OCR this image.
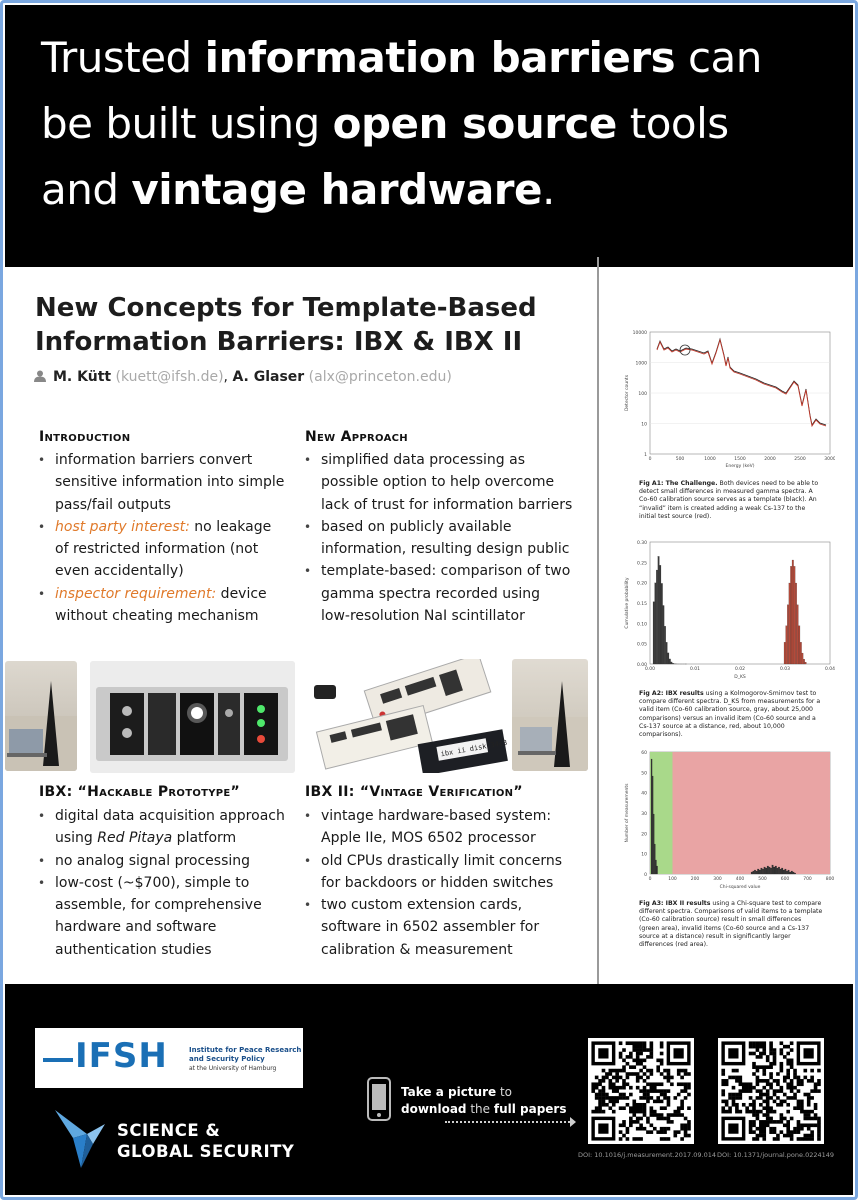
Trusted information barriers can
be built using open source tools
and vintage hardware.
New Concepts for Template-Based
Information Barriers: IBX & IBX II
M. Kütt (kuett@ifsh.de), A. Glaser (alx@princeton.edu)
Introduction
• information barriers convert sensitive information into simple pass/fail outputs
• host party interest: no leakage of restricted information (not even accidentally)
• inspector requirement: device without cheating mechanism
New Approach
• simplified data processing as possible option to help overcome lack of trust for information barriers
• based on publicly available information, resulting design public
• template-based: comparison of two gamma spectra recorded using low-resolution NaI scintillator
ibx ii disk 34c3
IBX: “Hackable Prototype”
• digital data acquisition approach using Red Pitaya platform
• no analog signal processing
• low-cost (~$700), simple to assemble, for comprehensive hardware and software authentication studies
IBX II: “Vintage Verification”
• vintage hardware-based system: Apple IIe, MOS 6502 processor
• old CPUs drastically limit concerns for backdoors or hidden switches
• two custom extension cards, software in 6502 assembler for calibration & measurement
10000
1000
100
10
1
0	500	1000	1500	2000	2500	3000
Energy (keV)
Detector counts
Fig A1: The Challenge. Both devices need to be able to detect small differences in measured gamma spectra. A Co-60 calibration source serves as a template (black). An “invalid” item is created adding a weak Cs-137 to the initial test source (red).
0.30
0.25
0.20
0.15
0.10
0.05
0.00
0.00	0.01	0.02	0.03	0.04
D_KS
Cumulative probability
Fig A2: IBX results using a Kolmogorov-Smirnov test to compare different spectra. D_KS from measurements for a valid item (Co-60 calibration source, gray, about 25,000 comparisons) versus an invalid item (Co-60 source and a Cs-137 source at a distance, red, about 10,000 comparisons).
60
50
40
30
20
10
0
0	100	200	300	400	500	600	700	800
Chi-squared value
Number of measurements
Fig A3: IBX II results using a Chi-square test to compare different spectra. Comparisons of valid items to a template (Co-60 calibration source) result in small differences (green area), invalid items (Co-60 source and a Cs-137 source at a distance) result in significantly larger differences (red area).
IFSH	Institute for Peace Research
and Security Policy
at the University of Hamburg
SCIENCE &
GLOBAL SECURITY
Take a picture to
download the full papers
DOI: 10.1016/j.measurement.2017.09.014 DOI: 10.1371/journal.pone.0224149
